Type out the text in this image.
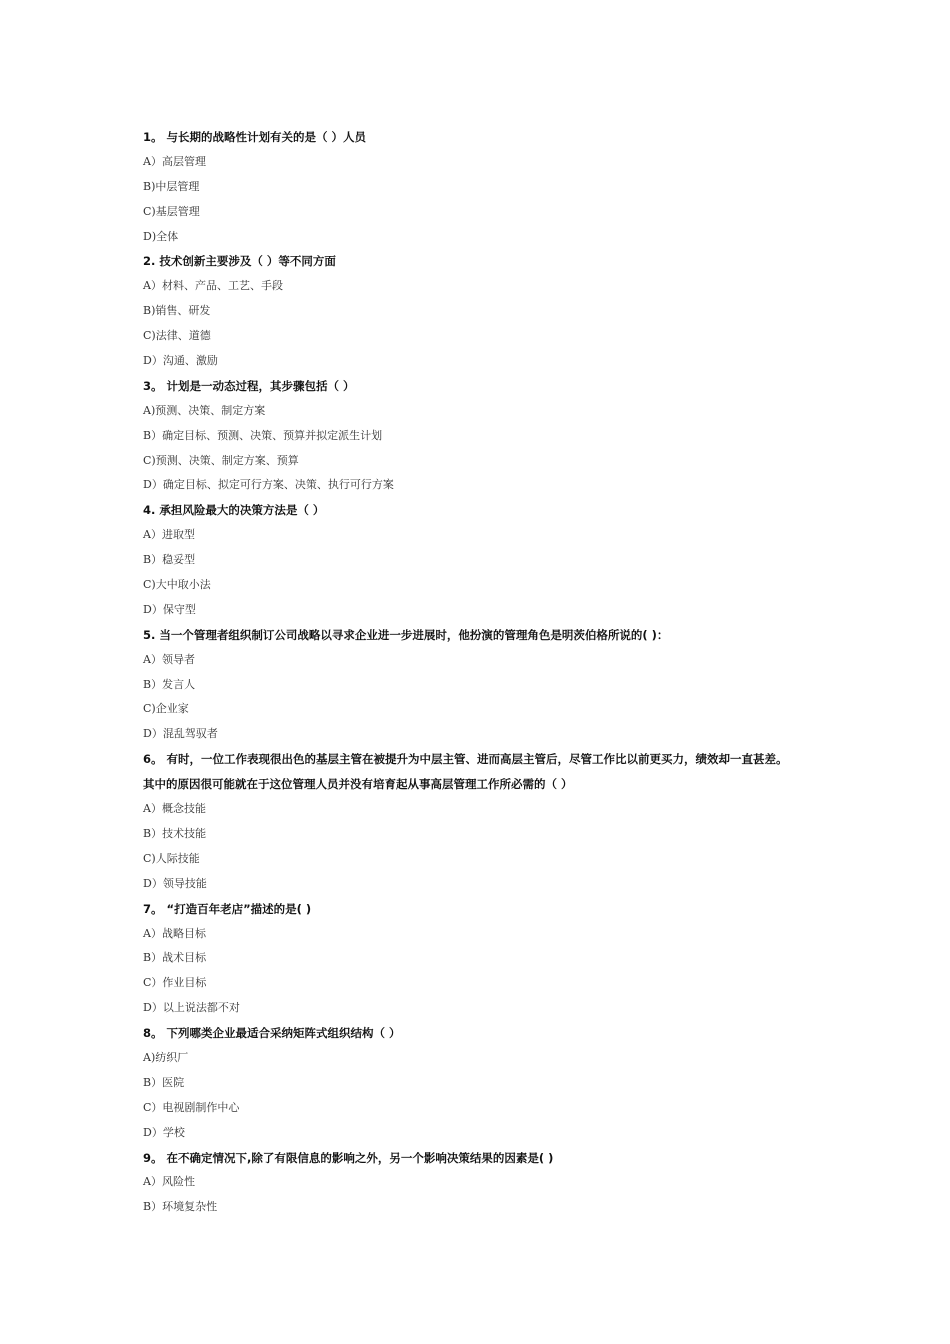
1。 与长期的战略性计划有关的是（ ）人员
A）高层管理
B)中层管理
C)基层管理
D)全体
2. 技术创新主要涉及（ ）等不同方面
A）材料、产品、工艺、手段
B)销售、研发
C)法律、道德
D）沟通、激励
3。 计划是一动态过程，其步骤包括（ ）
A)预测、决策、制定方案
B）确定目标、预测、决策、预算并拟定派生计划
C)预测、决策、制定方案、预算
D）确定目标、拟定可行方案、决策、执行可行方案
4. 承担风险最大的决策方法是（ ）
A）进取型
B）稳妥型
C)大中取小法
D）保守型
5. 当一个管理者组织制订公司战略以寻求企业进一步进展时，他扮演的管理角色是明茨伯格所说的( )：
A）领导者
B）发言人
C)企业家
D）混乱驾驭者
6。 有时，一位工作表现很出色的基层主管在被提升为中层主管、进而高层主管后，尽管工作比以前更买力，绩效却一直甚差。
其中的原因很可能就在于这位管理人员并没有培育起从事高层管理工作所必需的（ ）
A）概念技能
B）技术技能
C)人际技能
D）领导技能
7。 “打造百年老店”描述的是( )
A）战略目标
B）战术目标
C）作业目标
D）以上说法都不对
8。 下列哪类企业最适合采纳矩阵式组织结构（ ）
A)纺织厂
B）医院
C）电视剧制作中心
D）学校
9。 在不确定情况下,除了有限信息的影响之外，另一个影响决策结果的因素是( )
A）风险性
B）环境复杂性
